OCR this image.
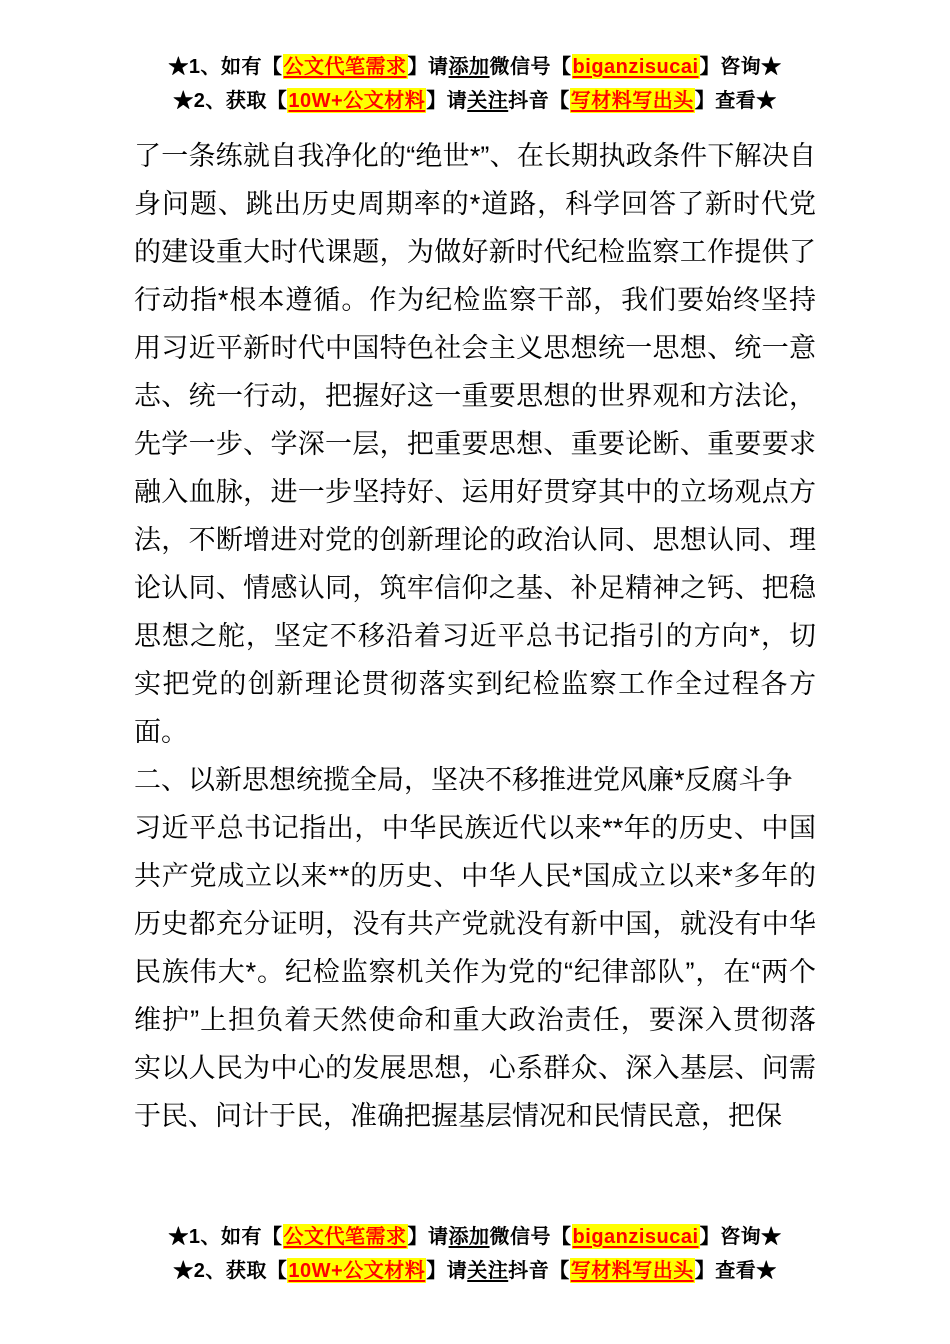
★1、如有【公文代笔需求】请添加微信号【biganzisucai】咨询★
★2、获取【10W+公文材料】请关注抖音【写材料写出头】查看★

了一条练就自我净化的“绝世*”、在长期执政条件下解决自身问题、跳出历史周期率的*道路，科学回答了新时代党的建设重大时代课题，为做好新时代纪检监察工作提供了行动指*根本遵循。作为纪检监察干部，我们要始终坚持用习近平新时代中国特色社会主义思想统一思想、统一意志、统一行动，把握好这一重要思想的世界观和方法论，先学一步、学深一层，把重要思想、重要论断、重要要求融入血脉，进一步坚持好、运用好贯穿其中的立场观点方法，不断增进对党的创新理论的政治认同、思想认同、理论认同、情感认同，筑牢信仰之基、补足精神之钙、把稳思想之舵，坚定不移沿着习近平总书记指引的方向*，切实把党的创新理论贯彻落实到纪检监察工作全过程各方面。

二、以新思想统揽全局，坚决不移推进党风廉*反腐斗争

习近平总书记指出，中华民族近代以来**年的历史、中国共产党成立以来**的历史、中华人民*国成立以来*多年的历史都充分证明，没有共产党就没有新中国，就没有中华民族伟大*。纪检监察机关作为党的“纪律部队”，在“两个维护”上担负着天然使命和重大政治责任，要深入贯彻落实以人民为中心的发展思想，心系群众、深入基层、问需于民、问计于民，准确把握基层情况和民情民意，把保

★1、如有【公文代笔需求】请添加微信号【biganzisucai】咨询★
★2、获取【10W+公文材料】请关注抖音【写材料写出头】查看★
